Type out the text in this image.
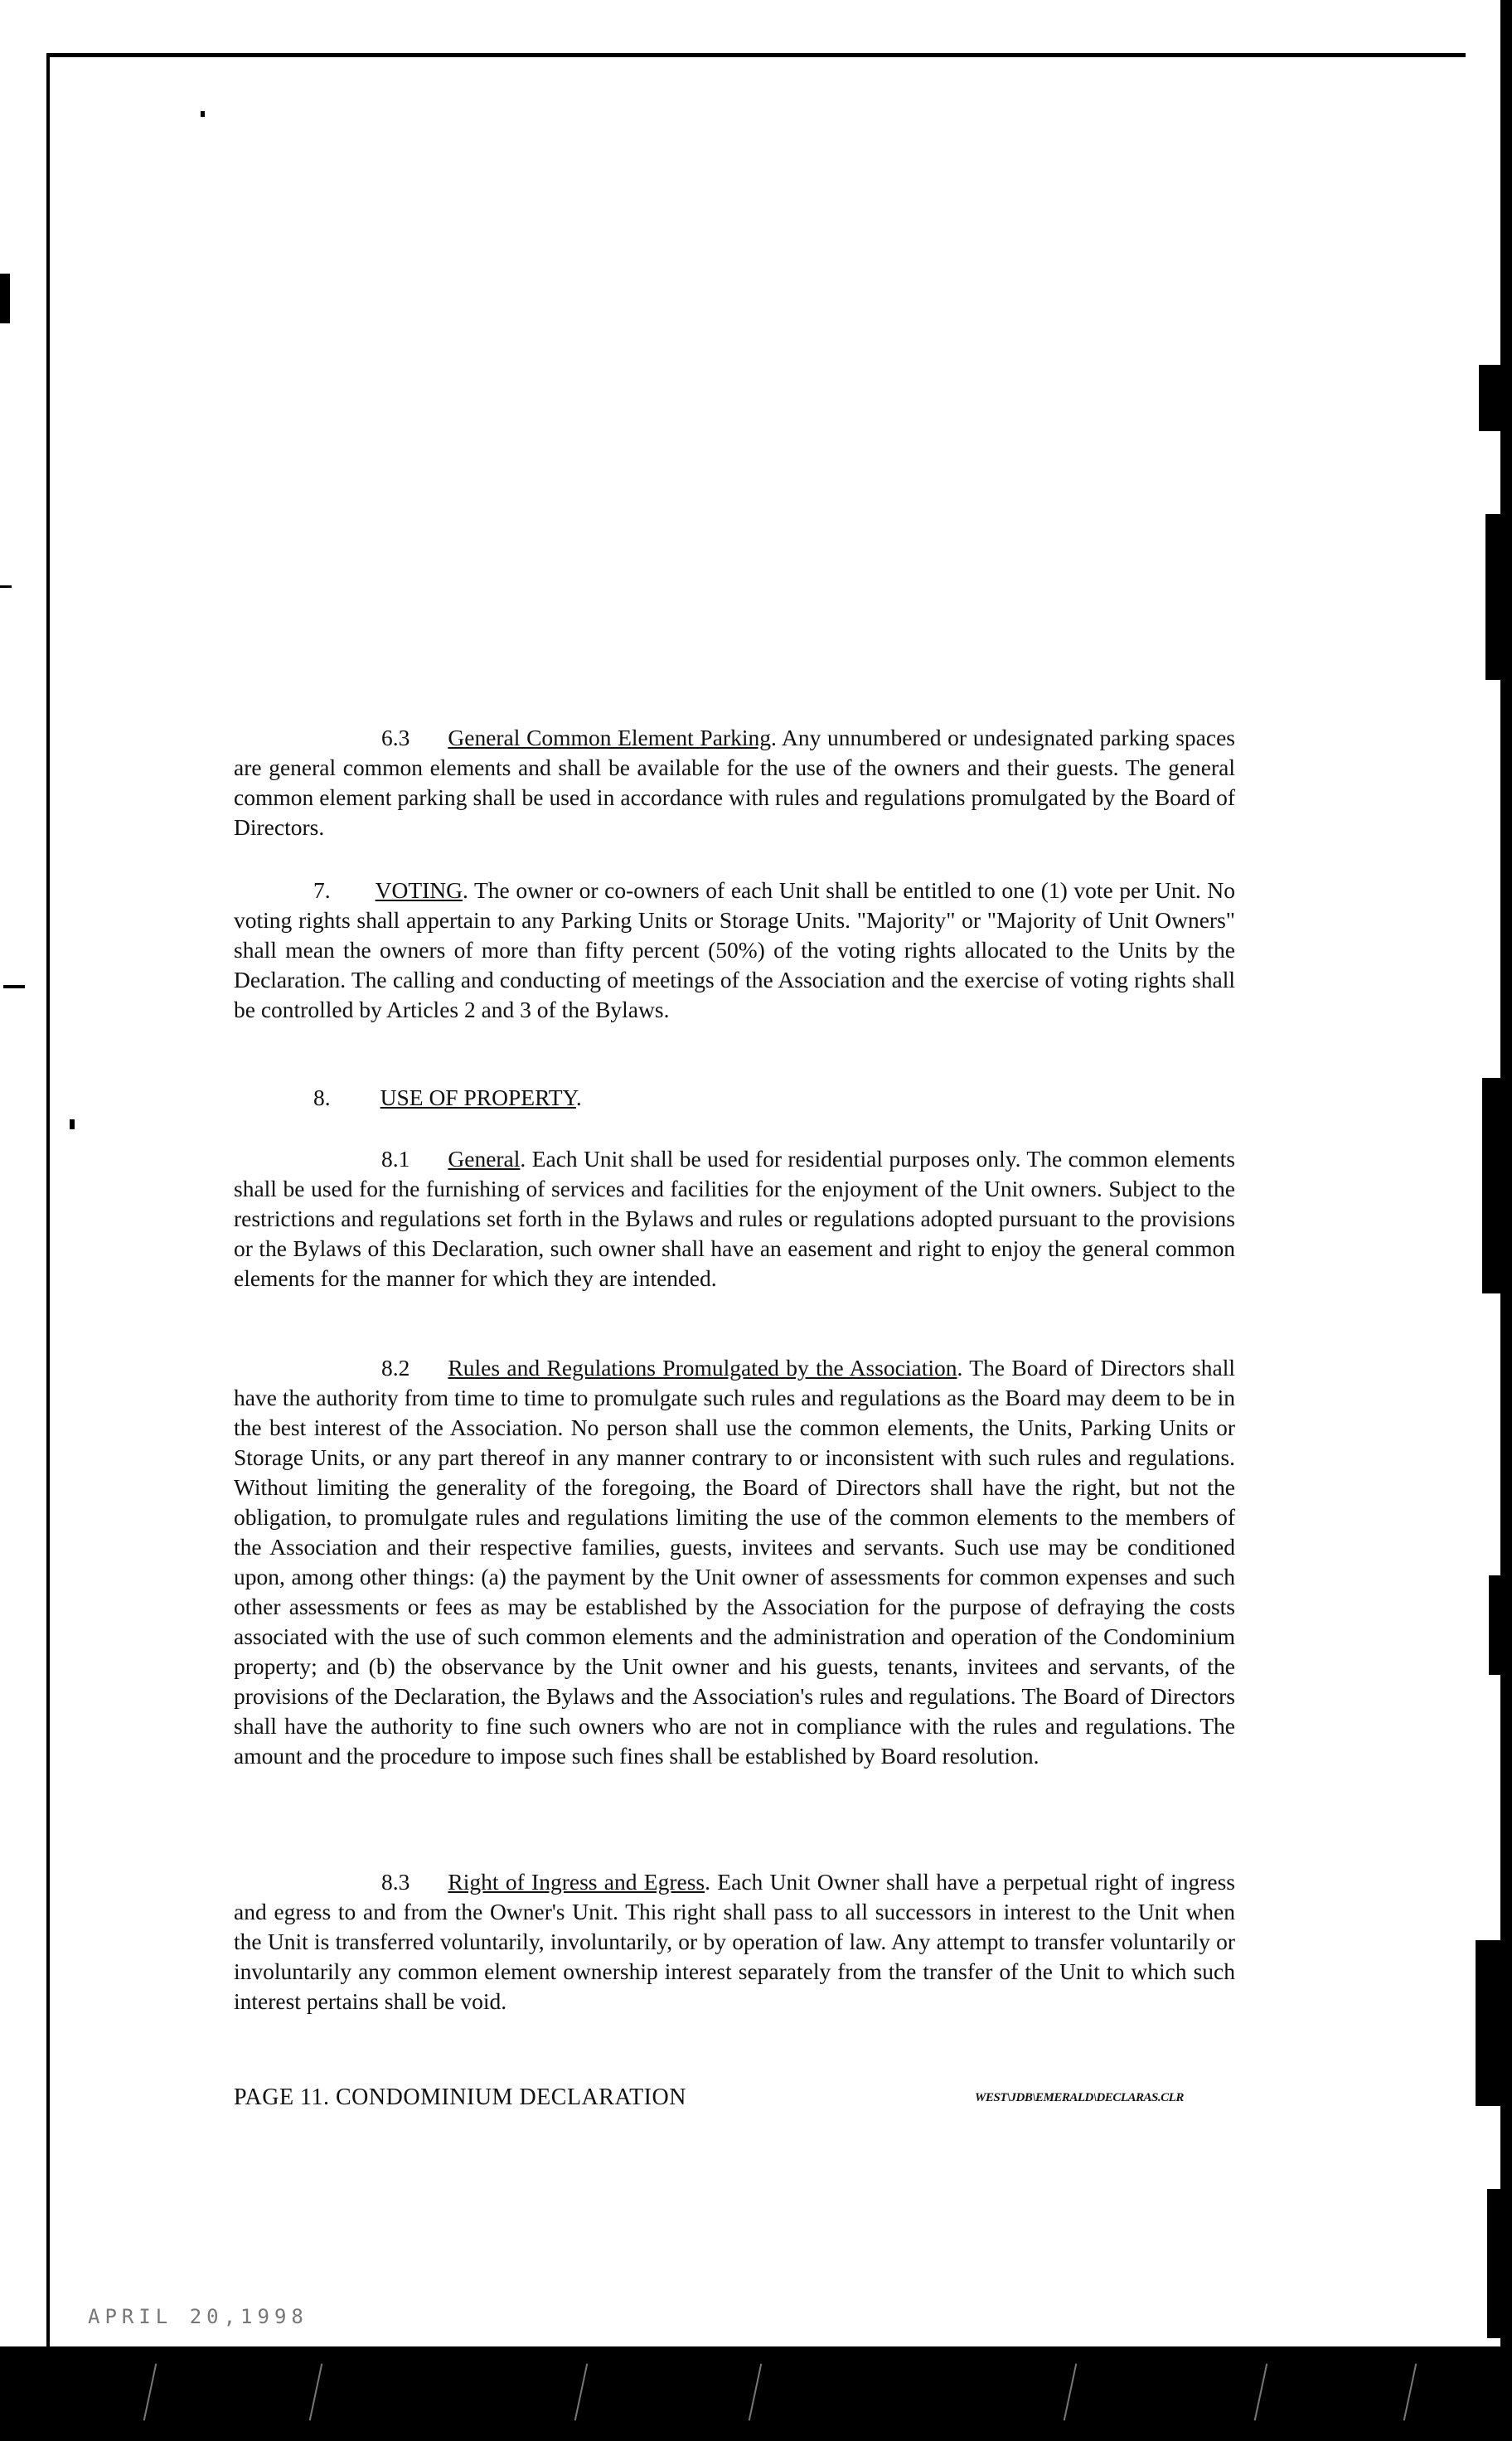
6.3 General Common Element Parking. Any unnumbered or undesignated parking spaces are general common elements and shall be available for the use of the owners and their guests. The general common element parking shall be used in accordance with rules and regulations promulgated by the Board of Directors.

7. VOTING. The owner or co-owners of each Unit shall be entitled to one (1) vote per Unit. No voting rights shall appertain to any Parking Units or Storage Units. "Majority" or "Majority of Unit Owners" shall mean the owners of more than fifty percent (50%) of the voting rights allocated to the Units by the Declaration. The calling and conducting of meetings of the Association and the exercise of voting rights shall be controlled by Articles 2 and 3 of the Bylaws.

8. USE OF PROPERTY.

8.1 General. Each Unit shall be used for residential purposes only. The common elements shall be used for the furnishing of services and facilities for the enjoyment of the Unit owners. Subject to the restrictions and regulations set forth in the Bylaws and rules or regulations adopted pursuant to the provisions or the Bylaws of this Declaration, such owner shall have an easement and right to enjoy the general common elements for the manner for which they are intended.

8.2 Rules and Regulations Promulgated by the Association. The Board of Directors shall have the authority from time to time to promulgate such rules and regulations as the Board may deem to be in the best interest of the Association. No person shall use the common elements, the Units, Parking Units or Storage Units, or any part thereof in any manner contrary to or inconsistent with such rules and regulations. Without limiting the generality of the foregoing, the Board of Directors shall have the right, but not the obligation, to promulgate rules and regulations limiting the use of the common elements to the members of the Association and their respective families, guests, invitees and servants. Such use may be conditioned upon, among other things: (a) the payment by the Unit owner of assessments for common expenses and such other assessments or fees as may be established by the Association for the purpose of defraying the costs associated with the use of such common elements and the administration and operation of the Condominium property; and (b) the observance by the Unit owner and his guests, tenants, invitees and servants, of the provisions of the Declaration, the Bylaws and the Association's rules and regulations. The Board of Directors shall have the authority to fine such owners who are not in compliance with the rules and regulations. The amount and the procedure to impose such fines shall be established by Board resolution.

8.3 Right of Ingress and Egress. Each Unit Owner shall have a perpetual right of ingress and egress to and from the Owner's Unit. This right shall pass to all successors in interest to the Unit when the Unit is transferred voluntarily, involuntarily, or by operation of law. Any attempt to transfer voluntarily or involuntarily any common element ownership interest separately from the transfer of the Unit to which such interest pertains shall be void.

PAGE 11. CONDOMINIUM DECLARATION	WEST\JDB\EMERALD\DECLARAS.CLR
APRIL 20,1998
